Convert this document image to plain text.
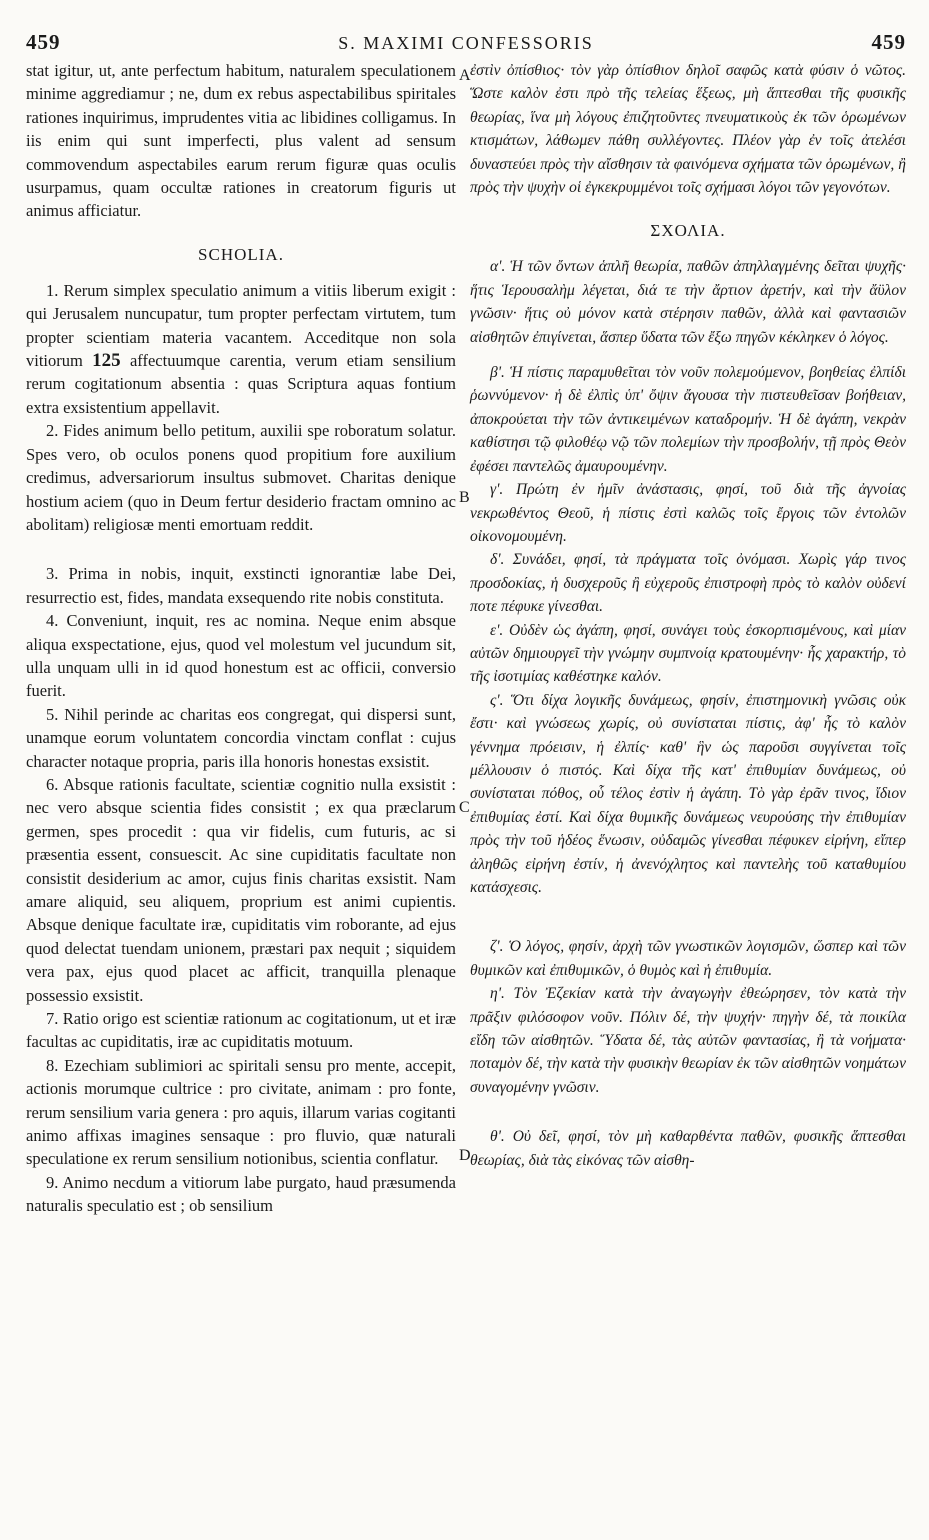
459	S. MAXIMI CONFESSORIS	459
A
B
C
D

stat igitur, ut, ante perfectum habitum, naturalem speculationem minime aggrediamur ; ne, dum ex rebus aspectabilibus spiritales rationes inquirimus, imprudentes vitia ac libidines colligamus. In iis enim qui sunt imperfecti, plus valent ad sensum commovendum aspectabiles earum rerum figuræ quas oculis usurpamus, quam occultæ rationes in creatorum figuris ut animus afficiatur.

SCHOLIA.

1. Rerum simplex speculatio animum a vitiis liberum exigit : qui Jerusalem nuncupatur, tum propter perfectam virtutem, tum propter scientiam materia vacantem. Acceditque non sola vitiorum 125 affectuumque carentia, verum etiam sensilium rerum cogitationum absentia : quas Scriptura aquas fontium extra exsistentium appellavit.

2. Fides animum bello petitum, auxilii spe roboratum solatur. Spes vero, ob oculos ponens quod propitium fore auxilium credimus, adversariorum insultus submovet. Charitas denique hostium aciem (quo in Deum fertur desiderio fractam omnino ac abolitam) religiosæ menti emortuam reddit.

3. Prima in nobis, inquit, exstincti ignorantiæ labe Dei, resurrectio est, fides, mandata exsequendo rite nobis constituta.

4. Conveniunt, inquit, res ac nomina. Neque enim absque aliqua exspectatione, ejus, quod vel molestum vel jucundum sit, ulla unquam ulli in id quod honestum est ac officii, conversio fuerit.

5. Nihil perinde ac charitas eos congregat, qui dispersi sunt, unamque eorum voluntatem concordia vinctam conflat : cujus character notaque propria, paris illa honoris honestas exsistit.

6. Absque rationis facultate, scientiæ cognitio nulla exsistit : nec vero absque scientia fides consistit ; ex qua præclarum germen, spes procedit : qua vir fidelis, cum futuris, ac si præsentia essent, consuescit. Ac sine cupiditatis facultate non consistit desiderium ac amor, cujus finis charitas exsistit. Nam amare aliquid, seu aliquem, proprium est animi cupientis. Absque denique facultate iræ, cupiditatis vim roborante, ad ejus quod delectat tuendam unionem, præstari pax nequit ; siquidem vera pax, ejus quod placet ac afficit, tranquilla plenaque possessio exsistit.

7. Ratio origo est scientiæ rationum ac cogitationum, ut et iræ facultas ac cupiditatis, iræ ac cupiditatis motuum.

8. Ezechiam sublimiori ac spiritali sensu pro mente, accepit, actionis morumque cultrice : pro civitate, animam : pro fonte, rerum sensilium varia genera : pro aquis, illarum varias cogitanti animo affixas imagines sensaque : pro fluvio, quæ naturali speculatione ex rerum sensilium notionibus, scientia conflatur.

9. Animo necdum a vitiorum labe purgato, haud præsumenda naturalis speculatio est ; ob sensilium

ἐστὶν ὀπίσθιος· τὸν γὰρ ὀπίσθιον δηλοῖ σαφῶς κατὰ φύσιν ὁ νῶτος. Ὥστε καλὸν ἐστι πρὸ τῆς τελείας ἕξεως, μὴ ἅπτεσθαι τῆς φυσικῆς θεωρίας, ἵνα μὴ λόγους ἐπιζητοῦντες πνευματικοὺς ἐκ τῶν ὁρωμένων κτισμάτων, λάθωμεν πάθη συλλέγοντες. Πλέον γὰρ ἐν τοῖς ἀτελέσι δυναστεύει πρὸς τὴν αἴσθησιν τὰ φαινόμενα σχήματα τῶν ὁρωμένων, ἢ πρὸς τὴν ψυχὴν οἱ ἐγκεκρυμμένοι τοῖς σχήμασι λόγοι τῶν γεγονότων.

ΣΧΟΛΙΑ.

α'. Ἡ τῶν ὄντων ἁπλῆ θεωρία, παθῶν ἀπηλλαγμένης δεῖται ψυχῆς· ἥτις Ἱερουσαλὴμ λέγεται, διά τε τὴν ἄρτιον ἀρετήν, καὶ τὴν ἄϋλον γνῶσιν· ἥτις οὐ μόνον κατὰ στέρησιν παθῶν, ἀλλὰ καὶ φαντασιῶν αἰσθητῶν ἐπιγίνεται, ἅσπερ ὕδατα τῶν ἔξω πηγῶν κέκληκεν ὁ λόγος.

β'. Ἡ πίστις παραμυθεῖται τὸν νοῦν πολεμούμενον, βοηθείας ἐλπίδι ῥωννύμενον· ἡ δὲ ἐλπὶς ὑπ' ὄψιν ἄγουσα τὴν πιστευθεῖσαν βοήθειαν, ἀποκρούεται τὴν τῶν ἀντικειμένων καταδρομήν. Ἡ δὲ ἀγάπη, νεκρὰν καθίστησι τῷ φιλοθέῳ νῷ τῶν πολεμίων τὴν προσβολήν, τῇ πρὸς Θεὸν ἐφέσει παντελῶς ἀμαυρουμένην.

γ'. Πρώτη ἐν ἡμῖν ἀνάστασις, φησί, τοῦ διὰ τῆς ἀγνοίας νεκρωθέντος Θεοῦ, ἡ πίστις ἐστὶ καλῶς τοῖς ἔργοις τῶν ἐντολῶν οἰκονομουμένη.

δ'. Συνάδει, φησί, τὰ πράγματα τοῖς ὀνόμασι. Χωρὶς γάρ τινος προσδοκίας, ἡ δυσχεροῦς ἢ εὐχεροῦς ἐπιστροφὴ πρὸς τὸ καλὸν οὐδενί ποτε πέφυκε γίνεσθαι.

ε'. Οὐδὲν ὡς ἀγάπη, φησί, συνάγει τοὺς ἐσκορπισμένους, καὶ μίαν αὐτῶν δημιουργεῖ τὴν γνώμην συμπνοίᾳ κρατουμένην· ἧς χαρακτήρ, τὸ τῆς ἰσοτιμίας καθέστηκε καλόν.

ς'. Ὅτι δίχα λογικῆς δυνάμεως, φησίν, ἐπιστημονικὴ γνῶσις οὐκ ἔστι· καὶ γνώσεως χωρίς, οὐ συνίσταται πίστις, ἀφ' ἧς τὸ καλὸν γέννημα πρόεισιν, ἡ ἐλπίς· καθ' ἣν ὡς παροῦσι συγγίνεται τοῖς μέλλουσιν ὁ πιστός. Καὶ δίχα τῆς κατ' ἐπιθυμίαν δυνάμεως, οὐ συνίσταται πόθος, οὗ τέλος ἐστὶν ἡ ἀγάπη. Τὸ γὰρ ἐρᾶν τινος, ἴδιον ἐπιθυμίας ἐστί. Καὶ δίχα θυμικῆς δυνάμεως νευρούσης τὴν ἐπιθυμίαν πρὸς τὴν τοῦ ἡδέος ἕνωσιν, οὐδαμῶς γίνεσθαι πέφυκεν εἰρήνη, εἴπερ ἀληθῶς εἰρήνη ἐστίν, ἡ ἀνενόχλητος καὶ παντελὴς τοῦ καταθυμίου κατάσχεσις.

ζ'. Ὁ λόγος, φησίν, ἀρχὴ τῶν γνωστικῶν λογισμῶν, ὥσπερ καὶ τῶν θυμικῶν καὶ ἐπιθυμικῶν, ὁ θυμὸς καὶ ἡ ἐπιθυμία.

η'. Τὸν Ἐζεκίαν κατὰ τὴν ἀναγωγὴν ἐθεώρησεν, τὸν κατὰ τὴν πρᾶξιν φιλόσοφον νοῦν. Πόλιν δέ, τὴν ψυχήν· πηγὴν δέ, τὰ ποικίλα εἴδη τῶν αἰσθητῶν. Ὕδατα δέ, τὰς αὐτῶν φαντασίας, ἢ τὰ νοήματα· ποταμὸν δέ, τὴν κατὰ τὴν φυσικὴν θεωρίαν ἐκ τῶν αἰσθητῶν νοημάτων συναγομένην γνῶσιν.

θ'. Οὐ δεῖ, φησί, τὸν μὴ καθαρθέντα παθῶν, φυσικῆς ἅπτεσθαι θεωρίας, διὰ τὰς εἰκόνας τῶν αἰσθη-
